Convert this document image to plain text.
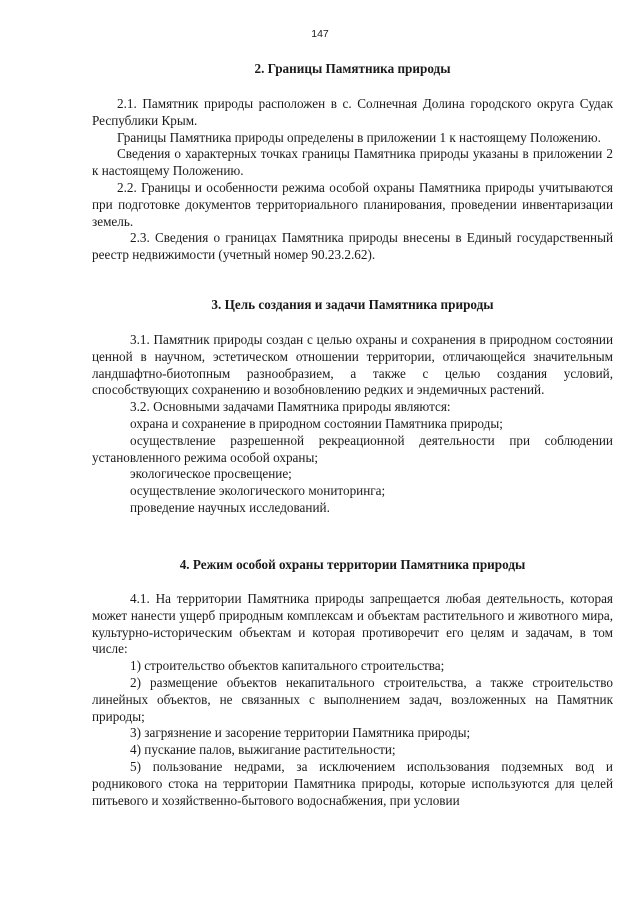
147
2. Границы Памятника природы

2.1. Памятник природы расположен в с. Солнечная Долина городского округа Судак Республики Крым.

Границы Памятника природы определены в приложении 1 к настоящему Положению.

Сведения о характерных точках границы Памятника природы указаны в приложении 2 к настоящему Положению.

2.2. Границы и особенности режима особой охраны Памятника природы учитываются при подготовке документов территориального планирования, проведении инвентаризации земель.

2.3. Сведения о границах Памятника природы внесены в Единый государственный реестр недвижимости (учетный номер 90.23.2.62).

3. Цель создания и задачи Памятника природы

3.1. Памятник природы создан с целью охраны и сохранения в природном состоянии ценной в научном, эстетическом отношении территории, отличающейся значительным ландшафтно-биотопным разнообразием, а также с целью создания условий, способствующих сохранению и возобновлению редких и эндемичных растений.

3.2. Основными задачами Памятника природы являются:

охрана и сохранение в природном состоянии Памятника природы;

осуществление разрешенной рекреационной деятельности при соблюдении установленного режима особой охраны;

экологическое просвещение;

осуществление экологического мониторинга;

проведение научных исследований.

4. Режим особой охраны территории Памятника природы

4.1. На территории Памятника природы запрещается любая деятельность, которая может нанести ущерб природным комплексам и объектам растительного и животного мира, культурно-историческим объектам и которая противоречит его целям и задачам, в том числе:

1) строительство объектов капитального строительства;

2) размещение объектов некапитального строительства, а также строительство линейных объектов, не связанных с выполнением задач, возложенных на Памятник природы;

3) загрязнение и засорение территории Памятника природы;

4) пускание палов, выжигание растительности;

5) пользование недрами, за исключением использования подземных вод и родникового стока на территории Памятника природы, которые используются для целей питьевого и хозяйственно-бытового водоснабжения, при условии
